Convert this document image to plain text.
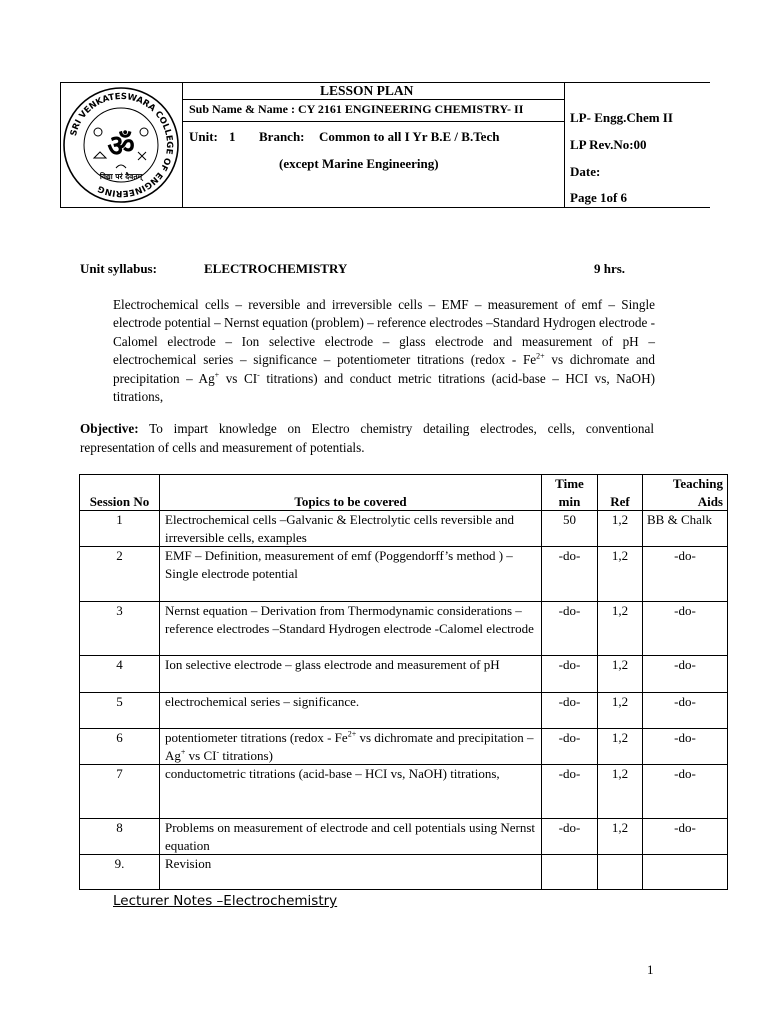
SRI VENKATESWARA COLLEGE OF ENGINEERING
ॐ
विद्या परं दैवतम्
LESSON PLAN
Sub Name & Name : CY 2161 ENGINEERING CHEMISTRY- II
Unit: 1 Branch: Common to all I Yr B.E / B.Tech
(except Marine Engineering)
LP- Engg.Chem II
LP Rev.No:00
Date:
Page 1of 6
Unit syllabus:	ELECTROCHEMISTRY	9 hrs.
Electrochemical cells – reversible and irreversible cells – EMF – measurement of emf – Single electrode potential – Nernst equation (problem) – reference electrodes –Standard Hydrogen electrode -Calomel electrode – Ion selective electrode – glass electrode and measurement of pH – electrochemical series – significance – potentiometer titrations (redox - $Fe^{2+}$ vs dichromate and precipitation – Ag+ vs CI- titrations) and conduct metric titrations (acid-base – HCI vs, NaOH) titrations,
Objective: To impart knowledge on Electro chemistry detailing electrodes, cells, conventional representation of cells and measurement of potentials.
Session No	Topics to be covered	Time min	Ref	Teaching Aids
1	Electrochemical cells –Galvanic & Electrolytic cells reversible and irreversible cells, examples	50	1,2	BB & Chalk
2	EMF – Definition, measurement of emf (Poggendorff’s method ) – Single electrode potential	-do-	1,2	-do-
3	Nernst equation – Derivation from Thermodynamic considerations – reference electrodes –Standard Hydrogen electrode -Calomel electrode	-do-	1,2	-do-
4	Ion selective electrode – glass electrode and measurement of pH	-do-	1,2	-do-
5	electrochemical series – significance.	-do-	1,2	-do-
6	potentiometer titrations (redox - $Fe^{2+}$ vs dichromate and precipitation – Ag+ vs CI- titrations)	-do-	1,2	-do-
7	conductometric titrations (acid-base – HCI vs, NaOH) titrations,	-do-	1,2	-do-
8	Problems on measurement of electrode and cell potentials using Nernst equation	-do-	1,2	-do-
9.	Revision			
Lecturer Notes –Electrochemistry
1
